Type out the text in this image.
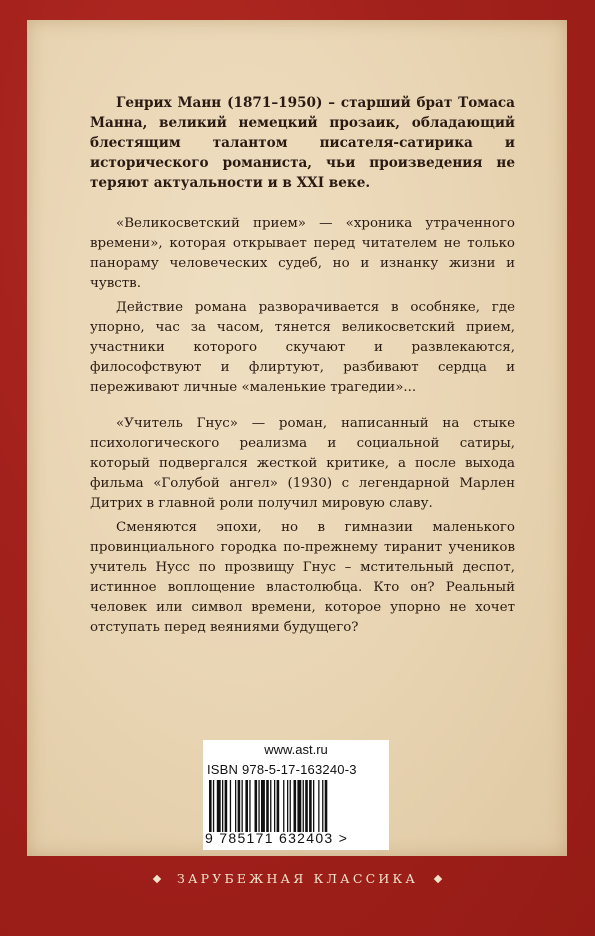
Генрих Манн (1871–1950) – старший брат Томаса Манна, великий немецкий прозаик, обладающий блестящим талантом писателя-сатирика и исторического романиста, чьи произведения не теряют актуальности и в XXI веке.

«Великосветский прием» — «хроника утраченного времени», которая открывает перед читателем не только панораму человеческих судеб, но и изнанку жизни и чувств.

Действие романа разворачивается в особняке, где упорно, час за часом, тянется великосветский прием, участники которого скучают и развлекаются, философствуют и флиртуют, разбивают сердца и переживают личные «маленькие трагедии»...

«Учитель Гнус» — роман, написанный на стыке психологического реализма и социальной сатиры, который подвергался жесткой критике, а после выхода фильма «Голубой ангел» (1930) с легендарной Марлен Дитрих в главной роли получил мировую славу.

Сменяются эпохи, но в гимназии маленького провинциального городка по-прежнему тиранит учеников учитель Нусс по прозвищу Гнус – мстительный деспот, истинное воплощение властолюбца. Кто он? Реальный человек или символ времени, которое упорно не хочет отступать перед веяниями будущего?

www.ast.ru
ISBN 978-5-17-163240-3
9 785171 632403 >
ЗАРУБЕЖНАЯ КЛАССИКА
